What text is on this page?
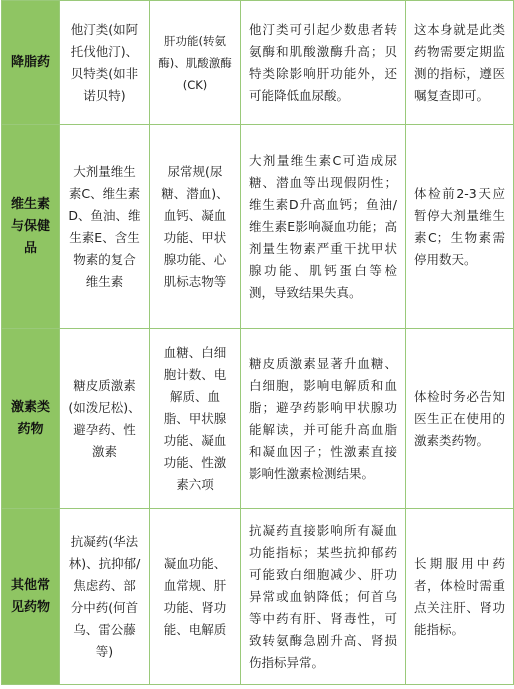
降脂药	他汀类(如阿托伐他汀)、贝特类(如非诺贝特)	肝功能(转氨酶)、肌酸激酶(CK)	他汀类可引起少数患者转氨酶和肌酸激酶升高；贝特类除影响肝功能外，还可能降低血尿酸。	这本身就是此类药物需要定期监测的指标，遵医嘱复查即可。
维生素与保健品	大剂量维生素C、维生素D、鱼油、维生素E、含生物素的复合维生素	尿常规(尿糖、潜血)、血钙、凝血功能、甲状腺功能、心肌标志物等	大剂量维生素C可造成尿糖、潜血等出现假阴性；维生素D升高血钙；鱼油/维生素E影响凝血功能；高剂量生物素严重干扰甲状腺功能、肌钙蛋白等检测，导致结果失真。	体检前2-3天应暂停大剂量维生素C；生物素需停用数天。
激素类药物	糖皮质激素(如泼尼松)、避孕药、性激素	血糖、白细胞计数、电解质、血脂、甲状腺功能、凝血功能、性激素六项	糖皮质激素显著升血糖、白细胞，影响电解质和血脂；避孕药影响甲状腺功能解读，并可能升高血脂和凝血因子；性激素直接影响性激素检测结果。	体检时务必告知医生正在使用的激素类药物。
其他常见药物	抗凝药(华法林)、抗抑郁/焦虑药、部分中药(何首乌、雷公藤等)	凝血功能、血常规、肝功能、肾功能、电解质	抗凝药直接影响所有凝血功能指标；某些抗抑郁药可能致白细胞减少、肝功异常或血钠降低；何首乌等中药有肝、肾毒性，可致转氨酶急剧升高、肾损伤指标异常。	长期服用中药者，体检时需重点关注肝、肾功能指标。
